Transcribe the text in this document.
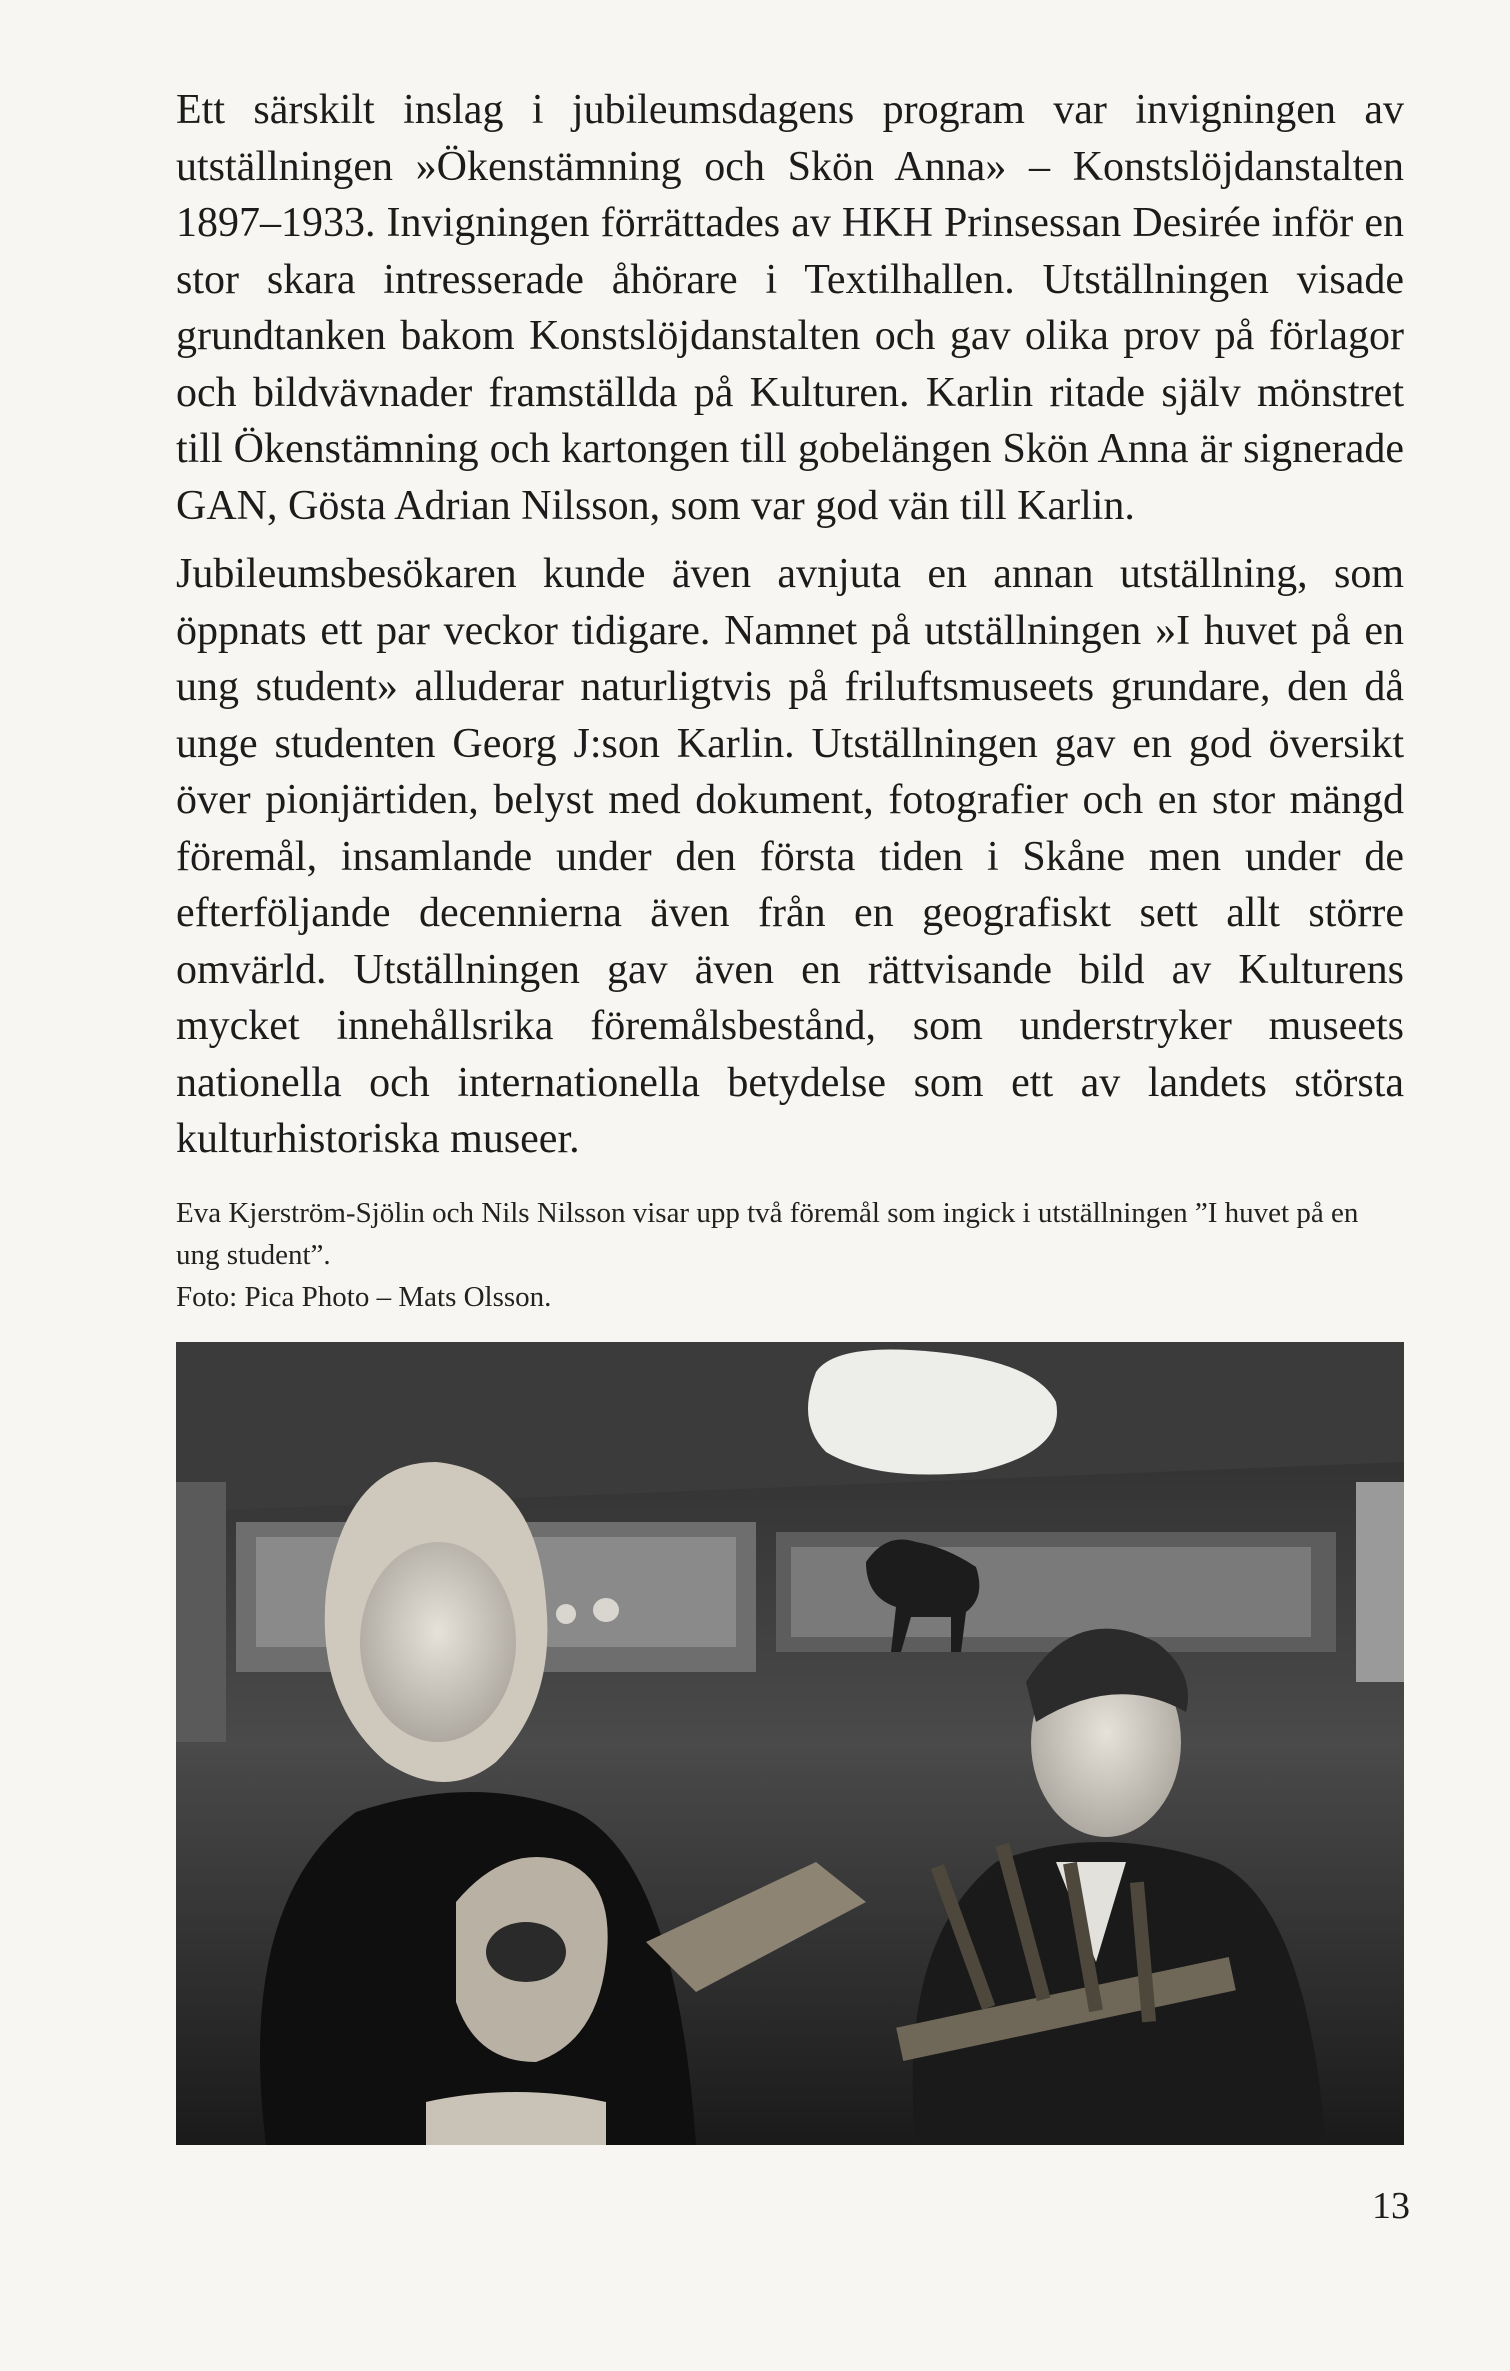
Ett särskilt inslag i jubileumsdagens program var invigningen av utställningen »Ökenstämning och Skön Anna» – Konstslöjdanstalten 1897–1933. Invigningen förrättades av HKH Prinsessan Desirée inför en stor skara intresserade åhörare i Textilhallen. Utställningen visade grundtanken bakom Konstslöjdanstalten och gav olika prov på förlagor och bildvävnader framställda på Kulturen. Karlin ritade själv mönstret till Ökenstämning och kartongen till gobelängen Skön Anna är signerade GAN, Gösta Adrian Nilsson, som var god vän till Karlin.

Jubileumsbesökaren kunde även avnjuta en annan utställning, som öppnats ett par veckor tidigare. Namnet på utställningen »I huvet på en ung student» alluderar naturligtvis på friluftsmuseets grundare, den då unge studenten Georg J:son Karlin. Utställningen gav en god översikt över pionjärtiden, belyst med dokument, fotografier och en stor mängd föremål, insamlande under den första tiden i Skåne men under de efterföljande decennierna även från en geografiskt sett allt större omvärld. Utställningen gav även en rättvisande bild av Kulturens mycket innehållsrika föremålsbestånd, som understryker museets nationella och internationella betydelse som ett av landets största kulturhistoriska museer.

Eva Kjerström-Sjölin och Nils Nilsson visar upp två föremål som ingick i utställningen ”I huvet på en ung student”.
Foto: Pica Photo – Mats Olsson.
13
